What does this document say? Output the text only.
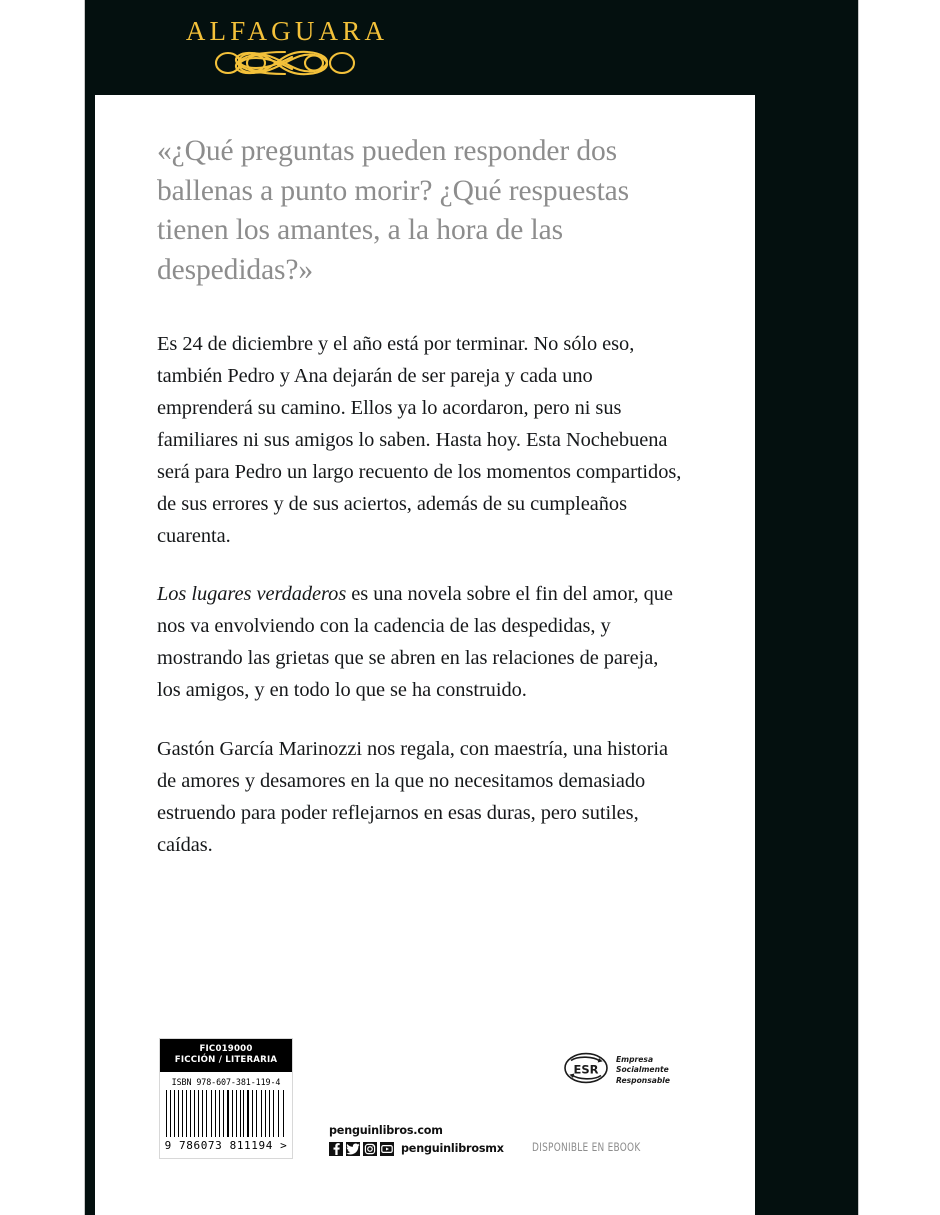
ALFAGUARA
«¿Qué preguntas pueden responder dos ballenas a punto morir? ¿Qué respuestas tienen los amantes, a la hora de las despedidas?»

Es 24 de diciembre y el año está por terminar. No sólo eso, también Pedro y Ana dejarán de ser pareja y cada uno emprenderá su camino. Ellos ya lo acordaron, pero ni sus familiares ni sus amigos lo saben. Hasta hoy. Esta Nochebuena será para Pedro un largo recuento de los momentos compartidos, de sus errores y de sus aciertos, además de su cumpleaños cuarenta.

Los lugares verdaderos es una novela sobre el fin del amor, que nos va envolviendo con la cadencia de las despedidas, y mostrando las grietas que se abren en las relaciones de pareja, los amigos, y en todo lo que se ha construido.

Gastón García Marinozzi nos regala, con maestría, una historia de amores y desamores en la que no necesitamos demasiado estruendo para poder reflejarnos en esas duras, pero sutiles, caídas.

FIC019000
FICCIÓN / LITERARIA
ISBN 978-607-381-119-4
9 786073 811194 >
penguinlibros.com
penguinlibrosmx
ESR
Empresa
Socialmente
Responsable
DISPONIBLE EN EBOOK
